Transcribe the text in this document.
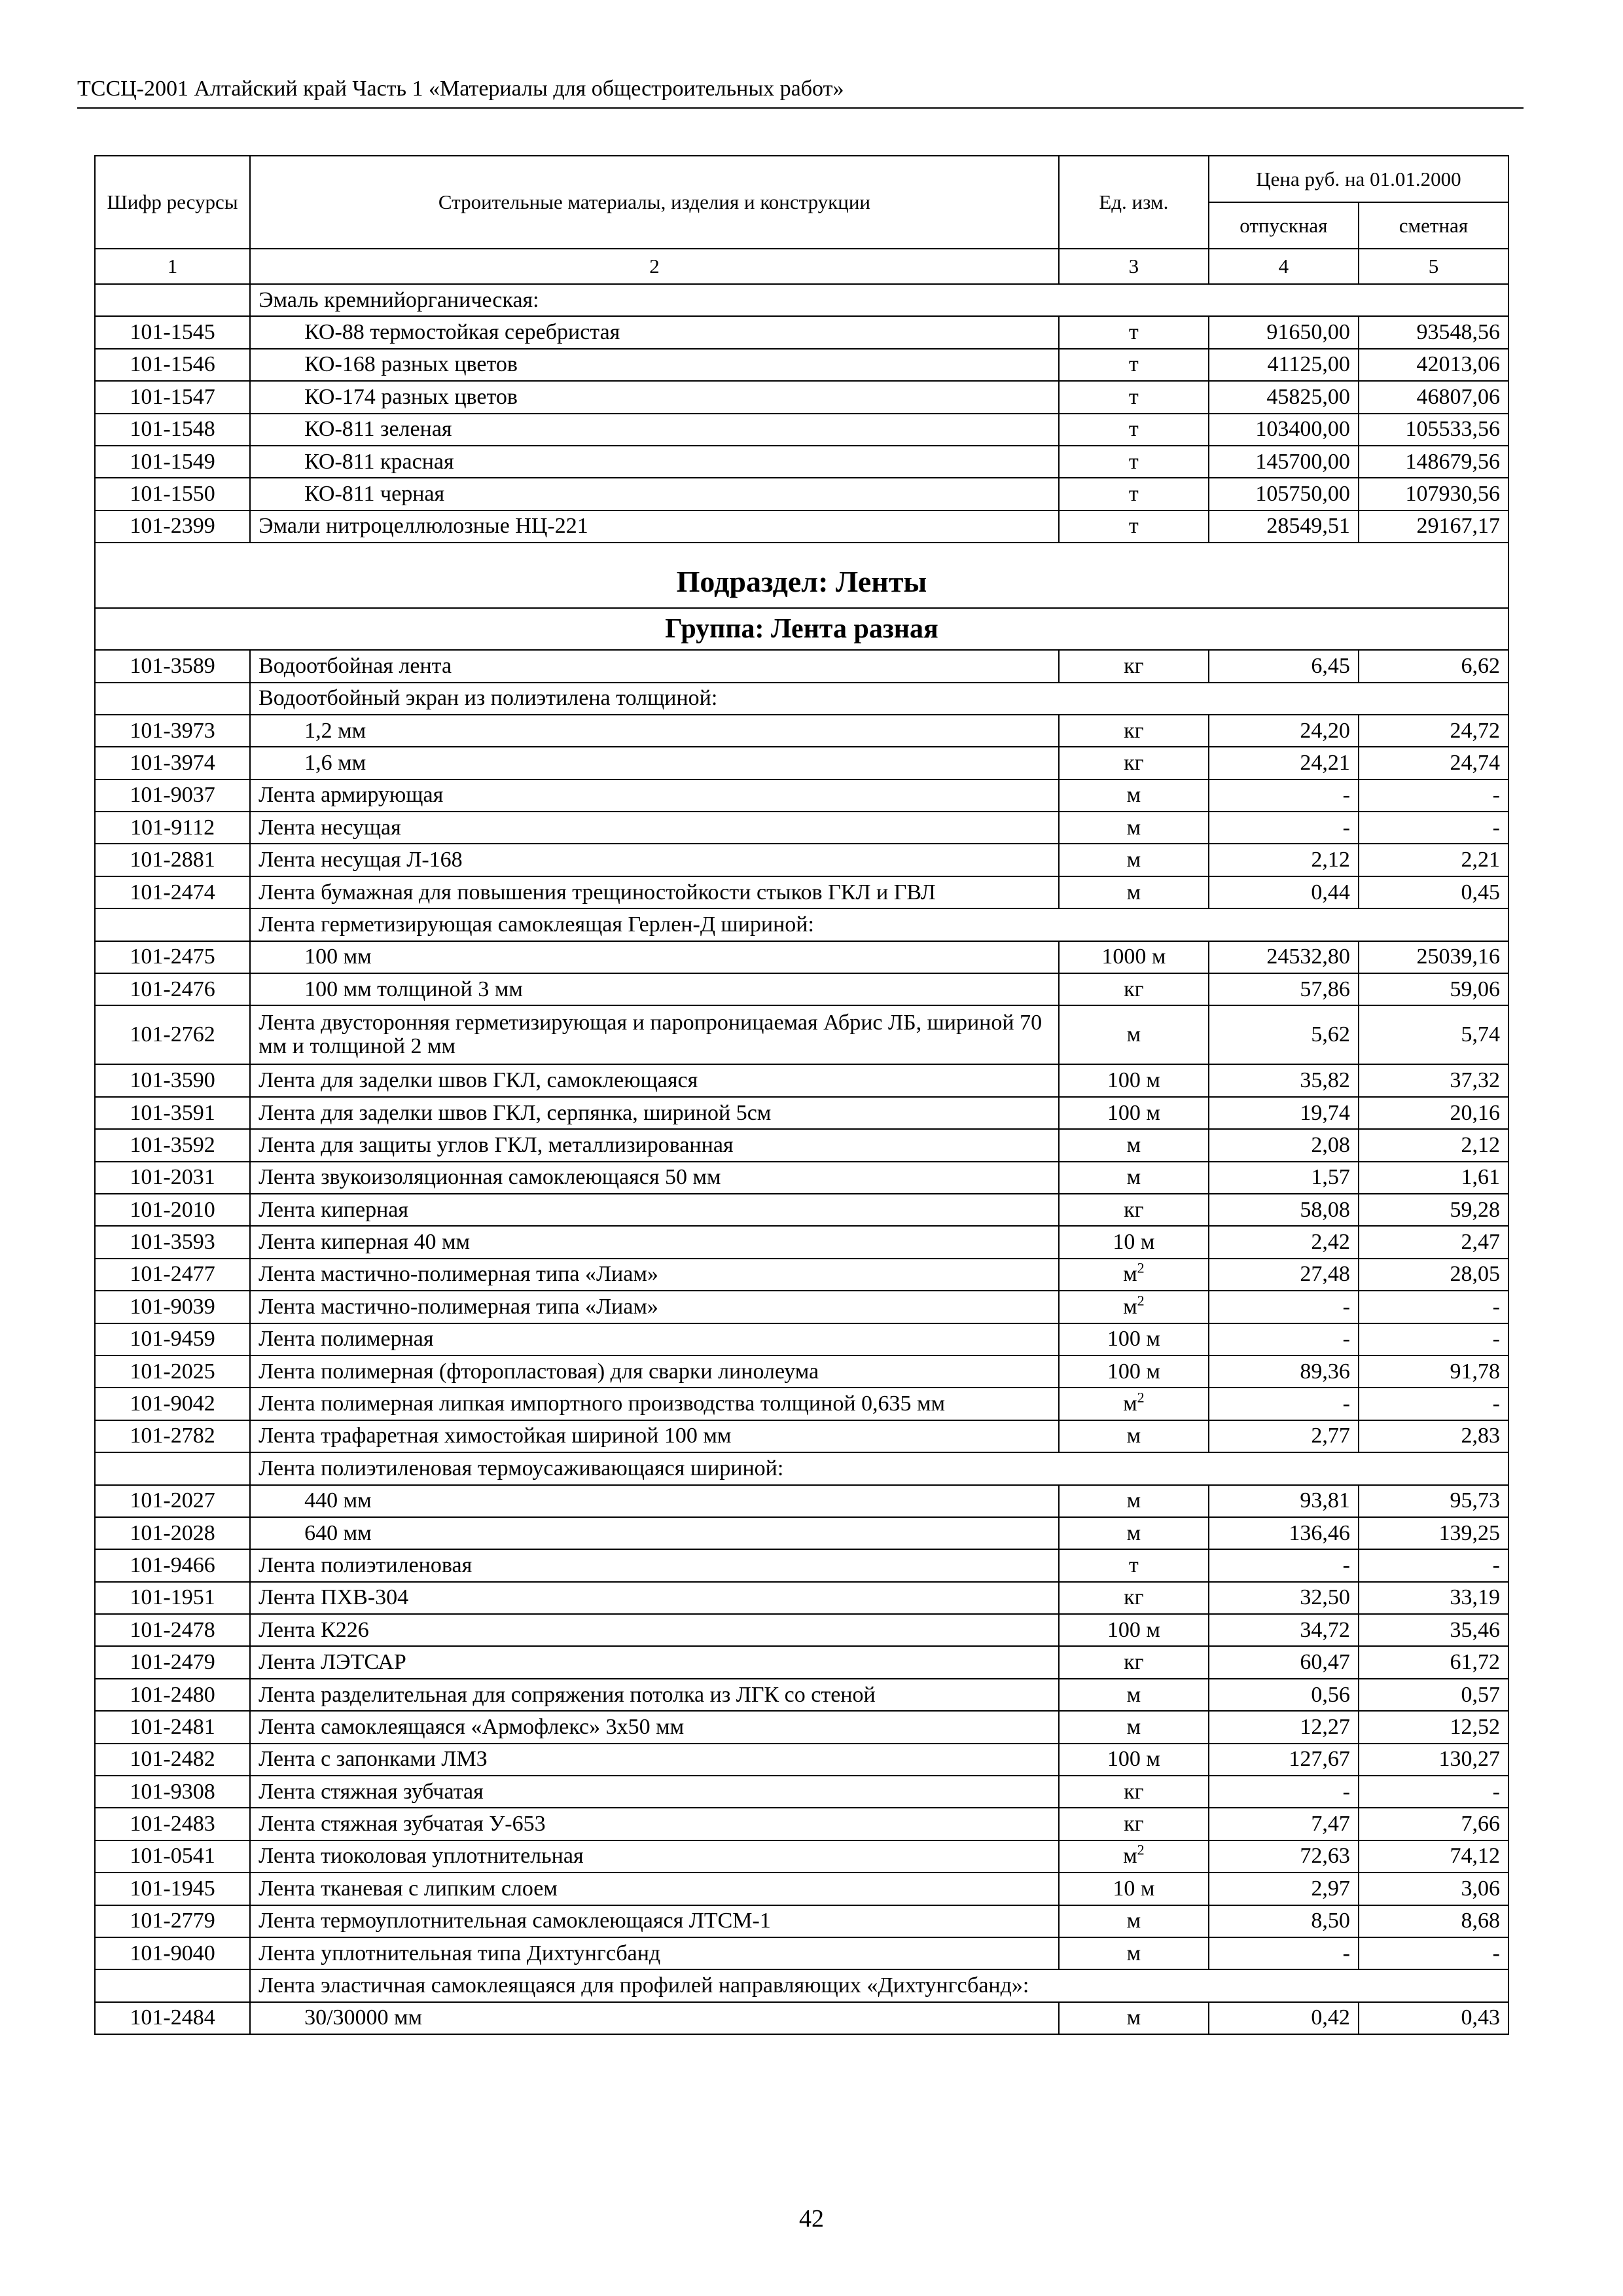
ТССЦ-2001 Алтайский край Часть 1 «Материалы для общестроительных работ»
Шифр ресурсы	Строительные материалы, изделия и конструкции	Ед. изм.	Цена руб. на 01.01.2000	
			отпускная	сметная
1	2	3	4	5
	Эмаль кремнийорганическая:			
101-1545	КО-88 термостойкая серебристая	т	91650,00	93548,56
101-1546	КО-168 разных цветов	т	41125,00	42013,06
101-1547	КО-174 разных цветов	т	45825,00	46807,06
101-1548	КО-811 зеленая	т	103400,00	105533,56
101-1549	КО-811 красная	т	145700,00	148679,56
101-1550	КО-811 черная	т	105750,00	107930,56
101-2399	Эмали нитроцеллюлозные НЦ-221	т	28549,51	29167,17
Подраздел: Ленты				
Группа: Лента разная				
101-3589	Водоотбойная лента	кг	6,45	6,62
	Водоотбойный экран из полиэтилена толщиной:			
101-3973	1,2 мм	кг	24,20	24,72
101-3974	1,6 мм	кг	24,21	24,74
101-9037	Лента армирующая	м	-	-
101-9112	Лента несущая	м	-	-
101-2881	Лента несущая Л-168	м	2,12	2,21
101-2474	Лента бумажная для повышения трещиностойкости стыков ГКЛ и ГВЛ	м	0,44	0,45
	Лента герметизирующая самоклеящая Герлен-Д шириной:			
101-2475	100 мм	1000 м	24532,80	25039,16
101-2476	100 мм толщиной 3 мм	кг	57,86	59,06
101-2762	Лента двусторонняя герметизирующая и паропроницаемая Абрис ЛБ, шириной 70 мм и толщиной 2 мм	м	5,62	5,74
101-3590	Лента для заделки швов ГКЛ, самоклеющаяся	100 м	35,82	37,32
101-3591	Лента для заделки швов ГКЛ, серпянка, шириной 5см	100 м	19,74	20,16
101-3592	Лента для защиты углов ГКЛ, металлизированная	м	2,08	2,12
101-2031	Лента звукоизоляционная самоклеющаяся 50 мм	м	1,57	1,61
101-2010	Лента киперная	кг	58,08	59,28
101-3593	Лента киперная 40 мм	10 м	2,42	2,47
101-2477	Лента мастично-полимерная типа «Лиам»	$м^2$	27,48	28,05
101-9039	Лента мастично-полимерная типа «Лиам»	$м^2$	-	-
101-9459	Лента полимерная	100 м	-	-
101-2025	Лента полимерная (фторопластовая) для сварки линолеума	100 м	89,36	91,78
101-9042	Лента полимерная липкая импортного производства толщиной 0,635 мм	$м^2$	-	-
101-2782	Лента трафаретная химостойкая шириной 100 мм	м	2,77	2,83
	Лента полиэтиленовая термоусаживающаяся шириной:			
101-2027	440 мм	м	93,81	95,73
101-2028	640 мм	м	136,46	139,25
101-9466	Лента полиэтиленовая	т	-	-
101-1951	Лента ПХВ-304	кг	32,50	33,19
101-2478	Лента К226	100 м	34,72	35,46
101-2479	Лента ЛЭТСАР	кг	60,47	61,72
101-2480	Лента разделительная для сопряжения потолка из ЛГК со стеной	м	0,56	0,57
101-2481	Лента самоклеящаяся «Армофлекс» 3х50 мм	м	12,27	12,52
101-2482	Лента с запонками ЛМЗ	100 м	127,67	130,27
101-9308	Лента стяжная зубчатая	кг	-	-
101-2483	Лента стяжная зубчатая У-653	кг	7,47	7,66
101-0541	Лента тиоколовая уплотнительная	$м^2$	72,63	74,12
101-1945	Лента тканевая с липким слоем	10 м	2,97	3,06
101-2779	Лента термоуплотнительная самоклеющаяся ЛТСМ-1	м	8,50	8,68
101-9040	Лента уплотнительная типа Дихтунгсбанд	м	-	-
	Лента эластичная самоклеящаяся для профилей направляющих «Дихтунгсбанд»:			
101-2484	30/30000 мм	м	0,42	0,43
42
